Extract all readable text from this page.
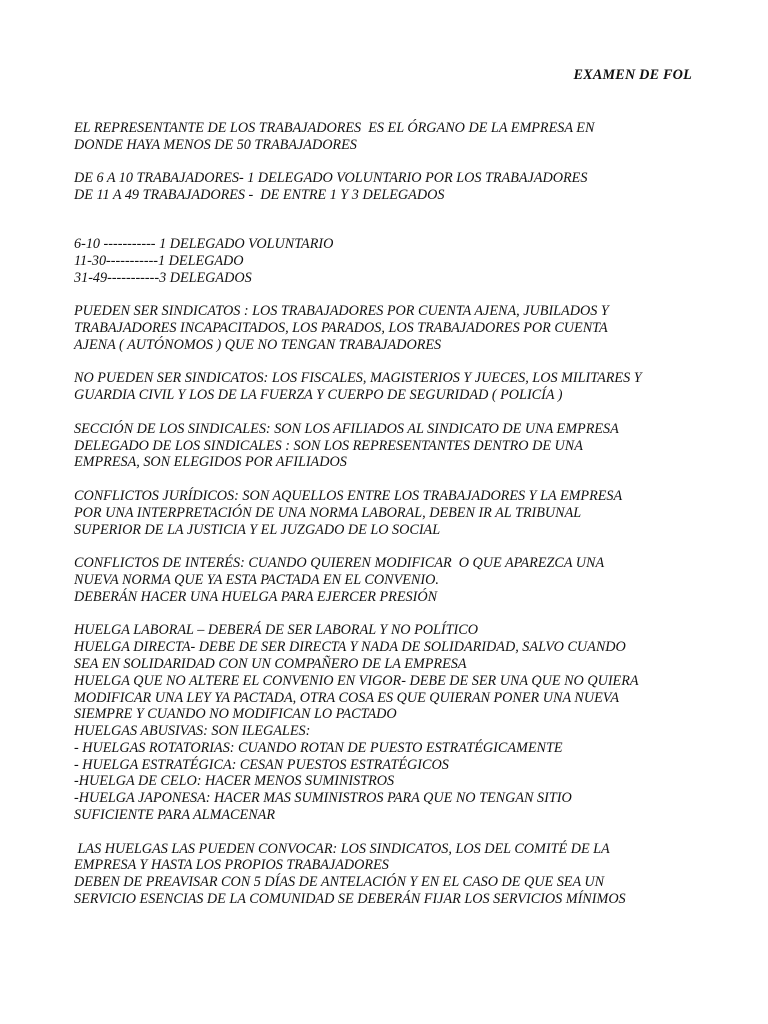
EXAMEN DE FOL

EL REPRESENTANTE DE LOS TRABAJADORES  ES EL ÓRGANO DE LA EMPRESA EN
DONDE HAYA MENOS DE 50 TRABAJADORES

DE 6 A 10 TRABAJADORES- 1 DELEGADO VOLUNTARIO POR LOS TRABAJADORES
DE 11 A 49 TRABAJADORES -  DE ENTRE 1 Y 3 DELEGADOS

6-10 ----------- 1 DELEGADO VOLUNTARIO
11-30-----------1 DELEGADO
31-49-----------3 DELEGADOS

PUEDEN SER SINDICATOS : LOS TRABAJADORES POR CUENTA AJENA, JUBILADOS Y
TRABAJADORES INCAPACITADOS, LOS PARADOS, LOS TRABAJADORES POR CUENTA
AJENA ( AUTÓNOMOS ) QUE NO TENGAN TRABAJADORES

NO PUEDEN SER SINDICATOS: LOS FISCALES, MAGISTERIOS Y JUECES, LOS MILITARES Y
GUARDIA CIVIL Y LOS DE LA FUERZA Y CUERPO DE SEGURIDAD ( POLICÍA )

SECCIÓN DE LOS SINDICALES: SON LOS AFILIADOS AL SINDICATO DE UNA EMPRESA
DELEGADO DE LOS SINDICALES : SON LOS REPRESENTANTES DENTRO DE UNA
EMPRESA, SON ELEGIDOS POR AFILIADOS

CONFLICTOS JURÍDICOS: SON AQUELLOS ENTRE LOS TRABAJADORES Y LA EMPRESA
POR UNA INTERPRETACIÓN DE UNA NORMA LABORAL, DEBEN IR AL TRIBUNAL
SUPERIOR DE LA JUSTICIA Y EL JUZGADO DE LO SOCIAL

CONFLICTOS DE INTERÉS: CUANDO QUIEREN MODIFICAR  O QUE APAREZCA UNA
NUEVA NORMA QUE YA ESTA PACTADA EN EL CONVENIO.
DEBERÁN HACER UNA HUELGA PARA EJERCER PRESIÓN

HUELGA LABORAL – DEBERÁ DE SER LABORAL Y NO POLÍTICO
HUELGA DIRECTA- DEBE DE SER DIRECTA Y NADA DE SOLIDARIDAD, SALVO CUANDO
SEA EN SOLIDARIDAD CON UN COMPAÑERO DE LA EMPRESA
HUELGA QUE NO ALTERE EL CONVENIO EN VIGOR- DEBE DE SER UNA QUE NO QUIERA
MODIFICAR UNA LEY YA PACTADA, OTRA COSA ES QUE QUIERAN PONER UNA NUEVA
SIEMPRE Y CUANDO NO MODIFICAN LO PACTADO
HUELGAS ABUSIVAS: SON ILEGALES:
- HUELGAS ROTATORIAS: CUANDO ROTAN DE PUESTO ESTRATÉGICAMENTE
- HUELGA ESTRATÉGICA: CESAN PUESTOS ESTRATÉGICOS
-HUELGA DE CELO: HACER MENOS SUMINISTROS
-HUELGA JAPONESA: HACER MAS SUMINISTROS PARA QUE NO TENGAN SITIO
SUFICIENTE PARA ALMACENAR

LAS HUELGAS LAS PUEDEN CONVOCAR: LOS SINDICATOS, LOS DEL COMITÉ DE LA
EMPRESA Y HASTA LOS PROPIOS TRABAJADORES
DEBEN DE PREAVISAR CON 5 DÍAS DE ANTELACIÓN Y EN EL CASO DE QUE SEA UN
SERVICIO ESENCIAS DE LA COMUNIDAD SE DEBERÁN FIJAR LOS SERVICIOS MÍNIMOS
